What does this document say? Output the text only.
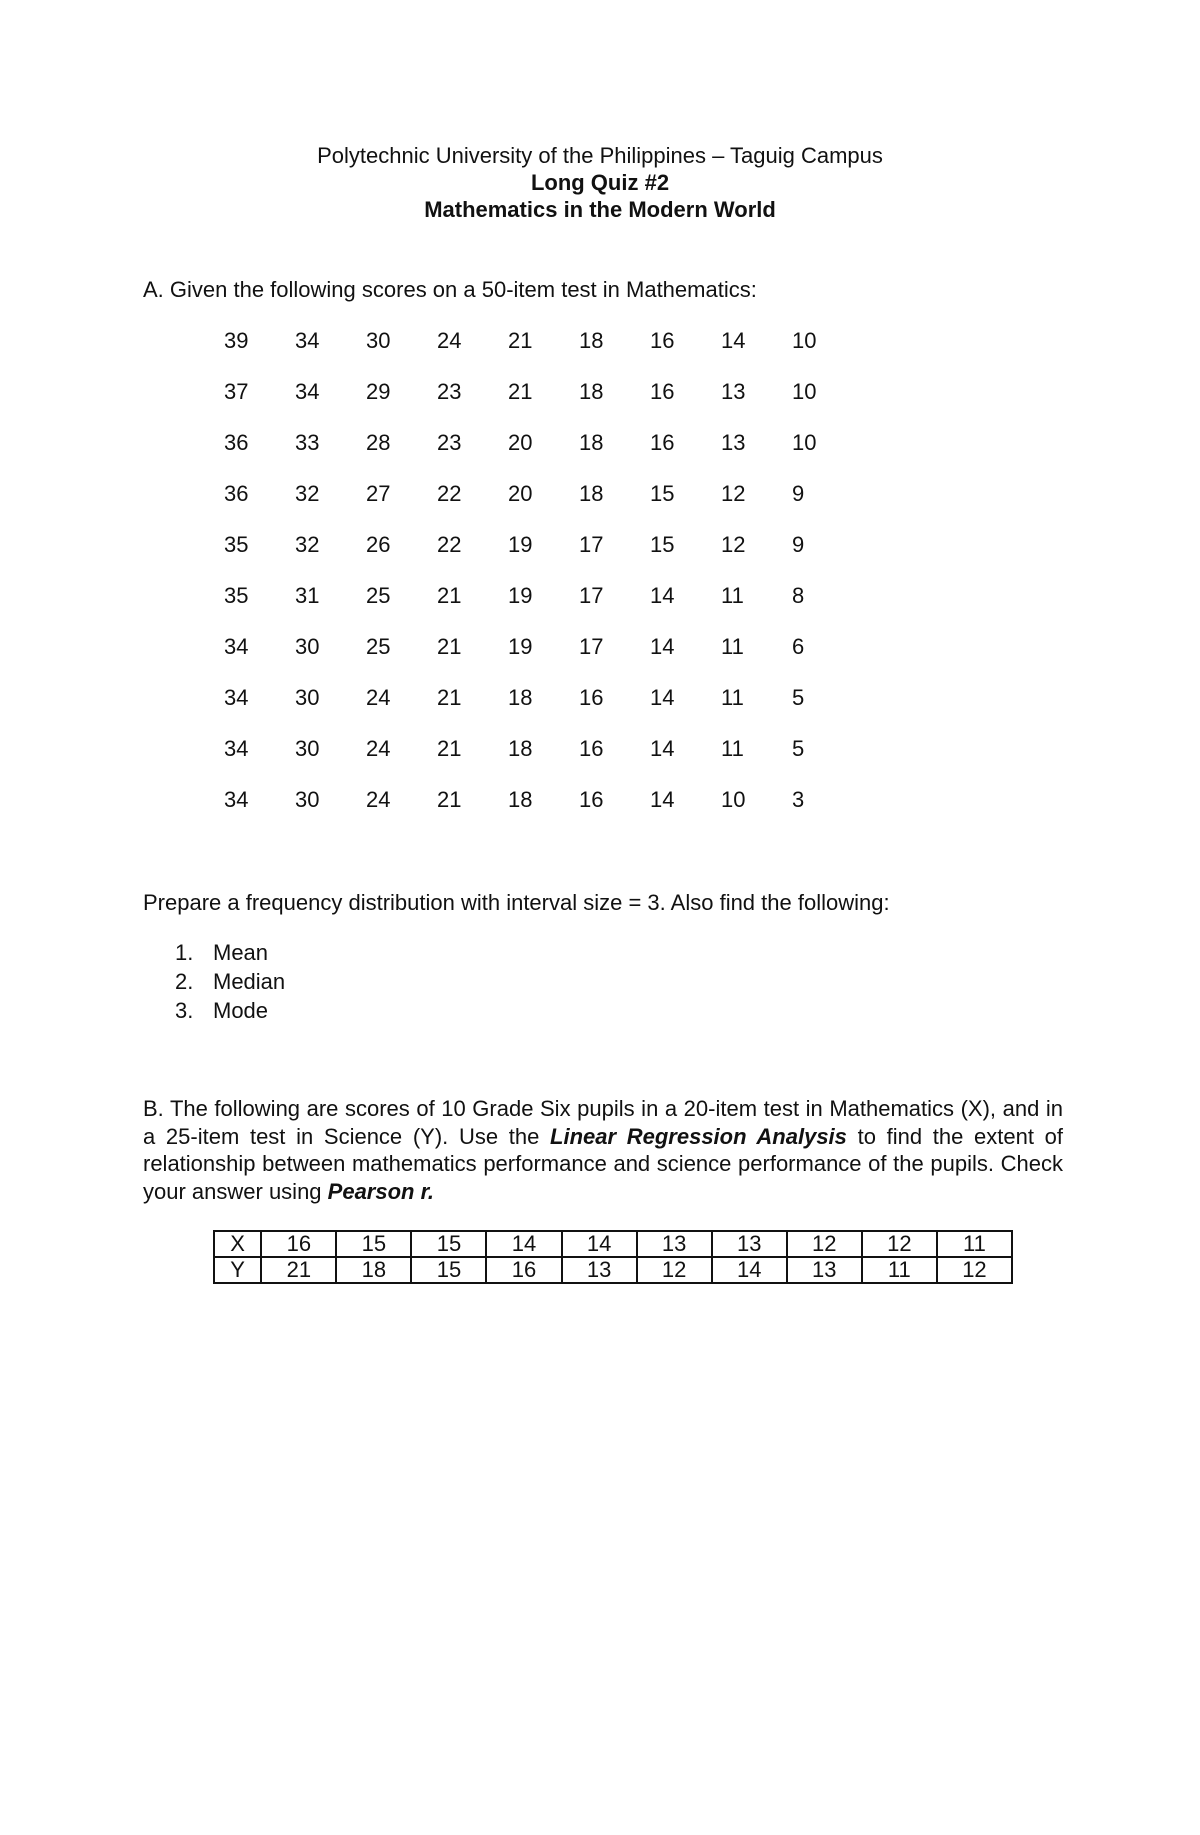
Polytechnic University of the Philippines – Taguig Campus
Long Quiz #2
Mathematics in the Modern World
A. Given the following scores on a 50-item test in Mathematics:
39 34 30 24 21 18 16 14 10
37 34 29 23 21 18 16 13 10
36 33 28 23 20 18 16 13 10
36 32 27 22 20 18 15 12 9
35 32 26 22 19 17 15 12 9
35 31 25 21 19 17 14 11 8
34 30 25 21 19 17 14 11 6
34 30 24 21 18 16 14 11 5
34 30 24 21 18 16 14 11 5
34 30 24 21 18 16 14 10 3
Prepare a frequency distribution with interval size = 3. Also find the following:
1. Mean
2. Median
3. Mode
B. The following are scores of 10 Grade Six pupils in a 20-item test in Mathematics (X), and in a 25-item test in Science (Y). Use the Linear Regression Analysis to find the extent of relationship between mathematics performance and science performance of the pupils. Check your answer using Pearson r.
X	16	15	15	14	14	13	13	12	12	11
Y	21	18	15	16	13	12	14	13	11	12
